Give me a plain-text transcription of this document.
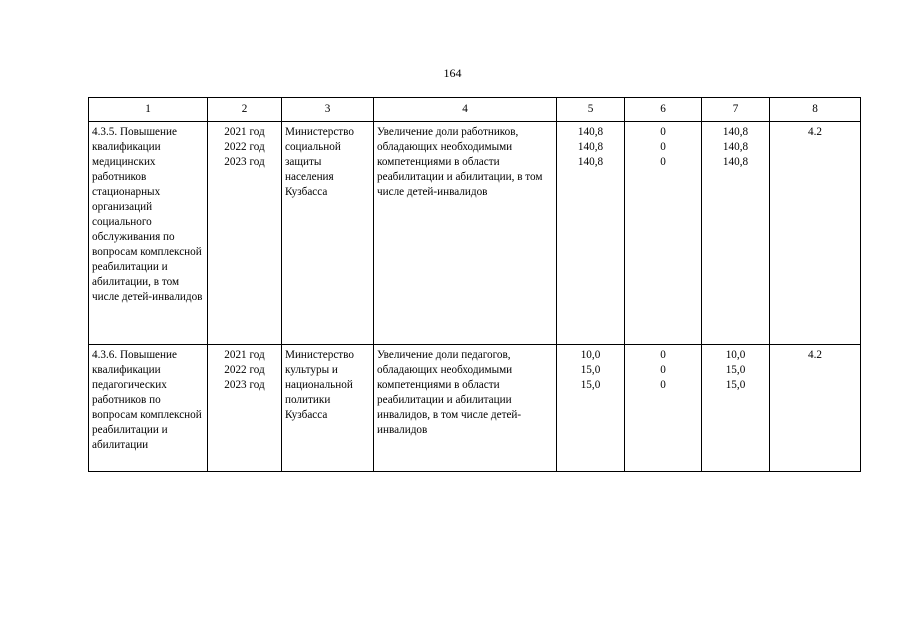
164
1	2	3	4	5	6	7	8
4.3.5. Повышение квалификации медицинских работников стационарных организаций социального обслуживания по вопросам комплексной реабилитации и абилитации, в том числе детей-инвалидов	2021 год
2022 год
2023 год	Министерство социальной защиты населения Кузбасса	Увеличение доли работников, обладающих необходимыми компетенциями в области реабилитации и абилитации, в том числе детей-инвалидов	140,8
140,8
140,8	0
0
0	140,8
140,8
140,8	4.2
4.3.6. Повышение квалификации педагогических работников по вопросам комплексной реабилитации и абилитации	2021 год
2022 год
2023 год	Министерство культуры и национальной политики Кузбасса	Увеличение доли педагогов, обладающих необходимыми компетенциями в области реабилитации и абилитации инвалидов, в том числе детей-инвалидов	10,0
15,0
15,0	0
0
0	10,0
15,0
15,0	4.2
